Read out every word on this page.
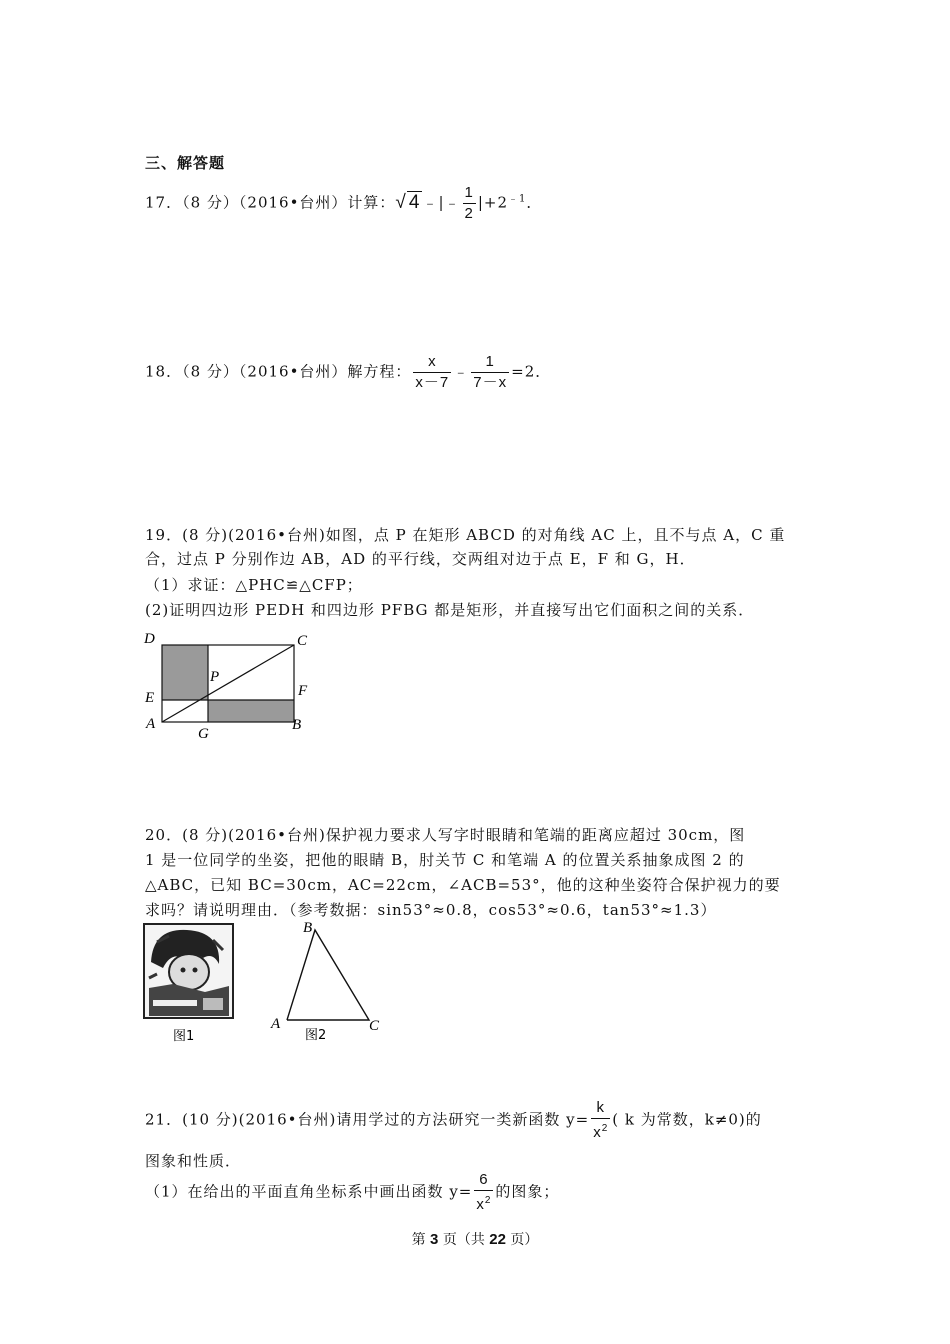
三、解答题
17．（8 分）（2016•台州）计算：√ 4 ﹣|﹣ $\frac{1}{2} |+2^{﹣1}$．
18．（8 分）（2016•台州）解方程： $\frac{x}{x-7}$ ﹣ $\frac{1}{7-x} =2$．
19．(8 分)(2016•台州)如图，点 P 在矩形 ABCD 的对角线 AC 上，且不与点 A，C 重
合，过点 P 分别作边 AB，AD 的平行线，交两组对边于点 E，F 和 G，H．
（1）求证：△PHC≌△CFP；
(2)证明四边形 PEDH 和四边形 PFBG 都是矩形，并直接写出它们面积之间的关系．
D	C
P
E	F
A
G
B
20．(8 分)(2016•台州)保护视力要求人写字时眼睛和笔端的距离应超过 30cm，图
1 是一位同学的坐姿，把他的眼睛 B，肘关节 C 和笔端 A 的位置关系抽象成图 2 的
△ABC，已知 BC=30cm，AC=22cm，∠ACB=53°，他的这种坐姿符合保护视力的要
求吗？请说明理由．（参考数据：sin53°≈0.8，cos53°≈0.6，tan53°≈1.3）
图1
B
A	C
图2
21．(10 分)(2016•台州)请用学过的方法研究一类新函数 $y= \frac{k}{x^2}$ ( k 为常数，k≠0)的
图象和性质．
（1）在给出的平面直角坐标系中画出函数 $y= \frac{6}{x^2}$ 的图象；
第 3 页（共 22 页）
